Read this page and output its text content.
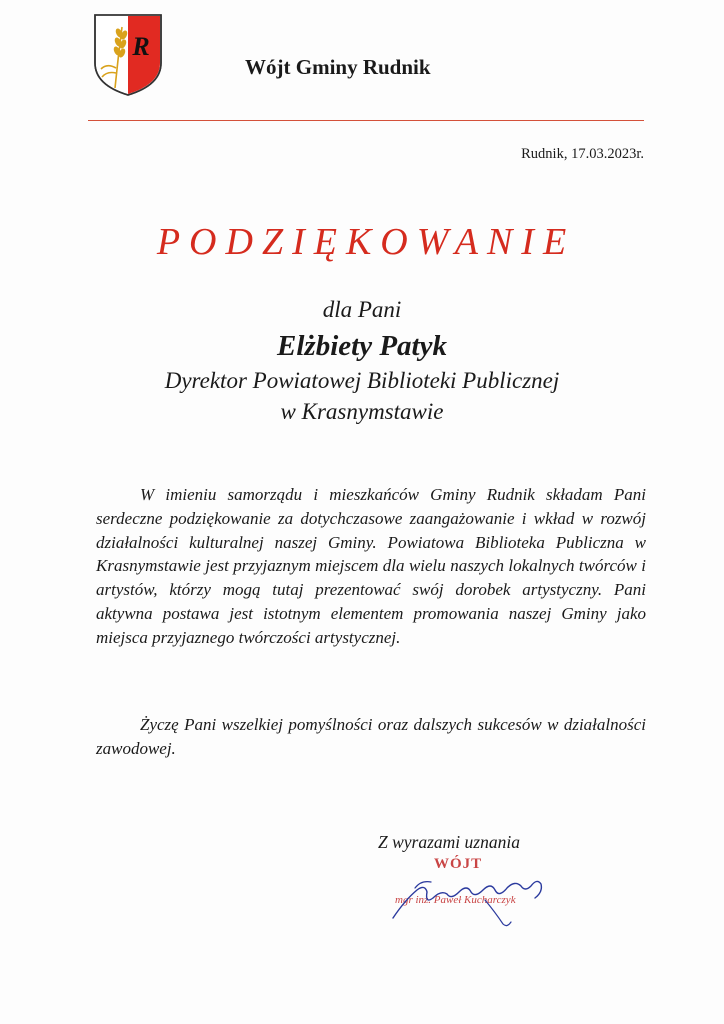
R
Wójt Gminy Rudnik
Rudnik, 17.03.2023r.
PODZIĘKOWANIE
dla Pani
Elżbiety Patyk
Dyrektor Powiatowej Biblioteki Publicznej
w Krasnymstawie

W imieniu samorządu i mieszkańców Gminy Rudnik składam Pani serdeczne podziękowanie za dotychczasowe zaangażowanie i wkład w rozwój działalności kulturalnej naszej Gminy. Powiatowa Biblioteka Publiczna w Krasnymstawie jest przyjaznym miejscem dla wielu naszych lokalnych twórców i artystów, którzy mogą tutaj prezentować swój dorobek artystyczny. Pani aktywna postawa jest istotnym elementem promowania naszej Gminy jako miejsca przyjaznego twórczości artystycznej.

Życzę Pani wszelkiej pomyślności oraz dalszych sukcesów w działalności zawodowej.

Z wyrazami uznania
WÓJT
mgr inż. Paweł Kucharczyk
